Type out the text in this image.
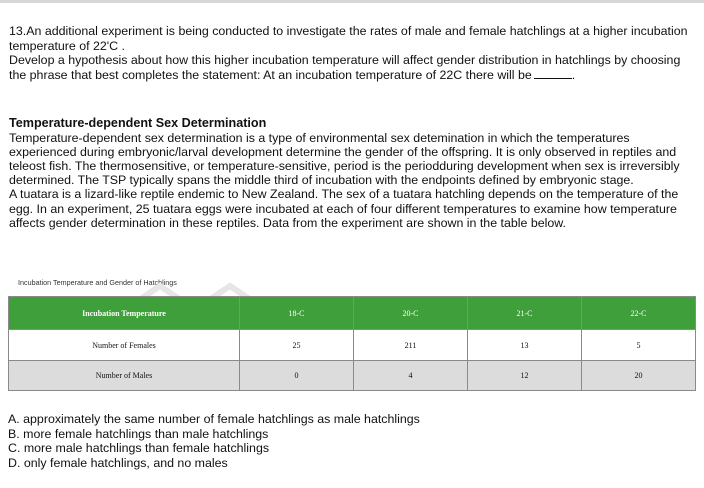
13.An additional experiment is being conducted to investigate the rates of male and female hatchlings at a higher incubation temperature of 22'C .

Develop a hypothesis about how this higher incubation temperature will affect gender distribution in hatchlings by choosing the phrase that best completes the statement: At an incubation temperature of 22C there will be	.

Temperature-dependent Sex Determination

Temperature-dependent sex determination is a type of environmental sex detemination in which the temperatures experienced during embryonic/larval development determine the gender of the offspring. It is only observed in reptiles and teleost fish. The thermosensitive, or temperature-sensitive, period is the periodduring development when sex is irreversibly determined. The TSP typically spans the middle third of incubation with the endpoints defined by embryonic stage.

A tuatara is a lizard-like reptile endemic to New Zealand. The sex of a tuatara hatchling depends on the temperature of the egg. In an experiment, 25 tuatara eggs were incubated at each of four different temperatures to examine how temperature affects gender determination in these reptiles. Data from the experiment are shown in the table below.

Incubation Temperature and Gender of Hatchlings
Incubation Temperature	18-C	20-C	21-C	22-C
Number of Females	25	211	13	5
Number of Males	0	4	12	20
A. approximately the same number of female hatchlings as male hatchlings
B. more female hatchlings than male hatchlings
C. more male hatchlings than female hatchlings
D. only female hatchlings, and no males
